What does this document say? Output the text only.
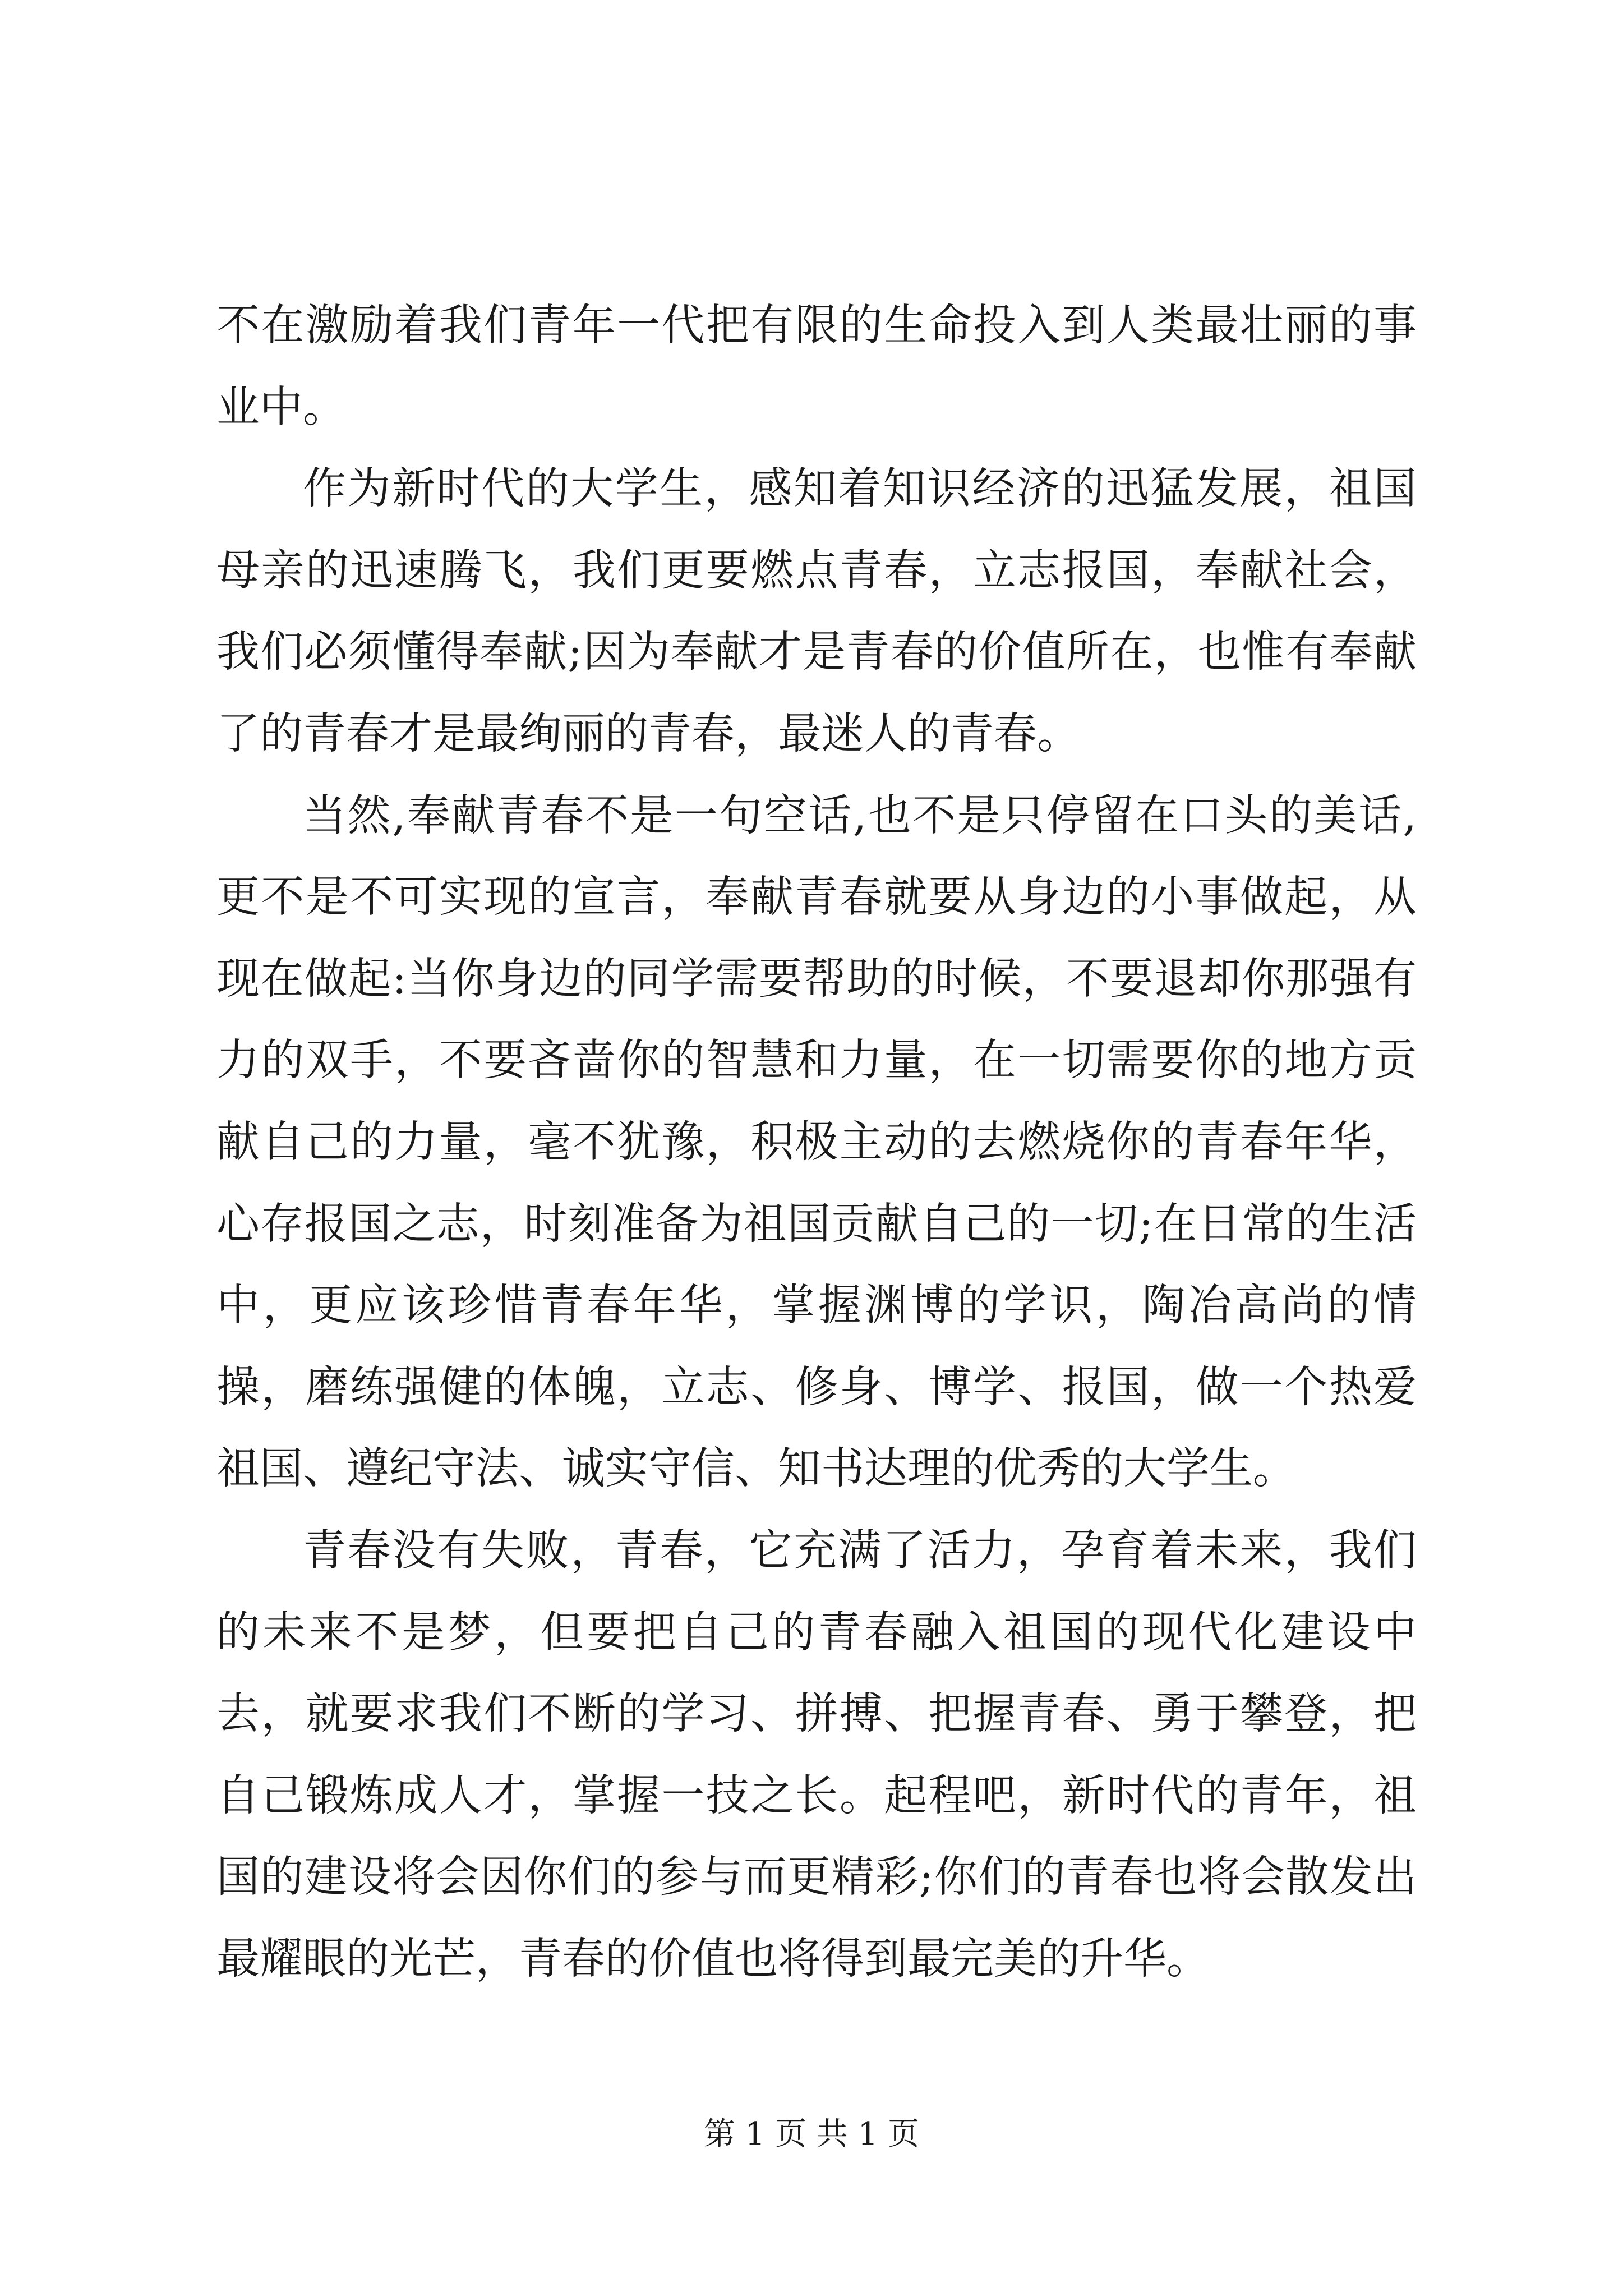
不在激励着我们青年一代把有限的生命投入到人类最壮丽的事业中。

作为新时代的大学生，感知着知识经济的迅猛发展，祖国母亲的迅速腾飞，我们更要燃点青春，立志报国，奉献社会，我们必须懂得奉献;因为奉献才是青春的价值所在，也惟有奉献了的青春才是最绚丽的青春，最迷人的青春。

当然,奉献青春不是一句空话,也不是只停留在口头的美话,更不是不可实现的宣言，奉献青春就要从身边的小事做起，从现在做起:当你身边的同学需要帮助的时候，不要退却你那强有力的双手，不要吝啬你的智慧和力量，在一切需要你的地方贡献自己的力量，毫不犹豫，积极主动的去燃烧你的青春年华，心存报国之志，时刻准备为祖国贡献自己的一切;在日常的生活中，更应该珍惜青春年华，掌握渊博的学识，陶冶高尚的情操，磨练强健的体魄，立志、修身、博学、报国，做一个热爱祖国、遵纪守法、诚实守信、知书达理的优秀的大学生。

青春没有失败，青春，它充满了活力，孕育着未来，我们的未来不是梦，但要把自己的青春融入祖国的现代化建设中去，就要求我们不断的学习、拼搏、把握青春、勇于攀登，把自己锻炼成人才，掌握一技之长。起程吧，新时代的青年，祖国的建设将会因你们的参与而更精彩;你们的青春也将会散发出最耀眼的光芒，青春的价值也将得到最完美的升华。

第 1 页 共 1 页
